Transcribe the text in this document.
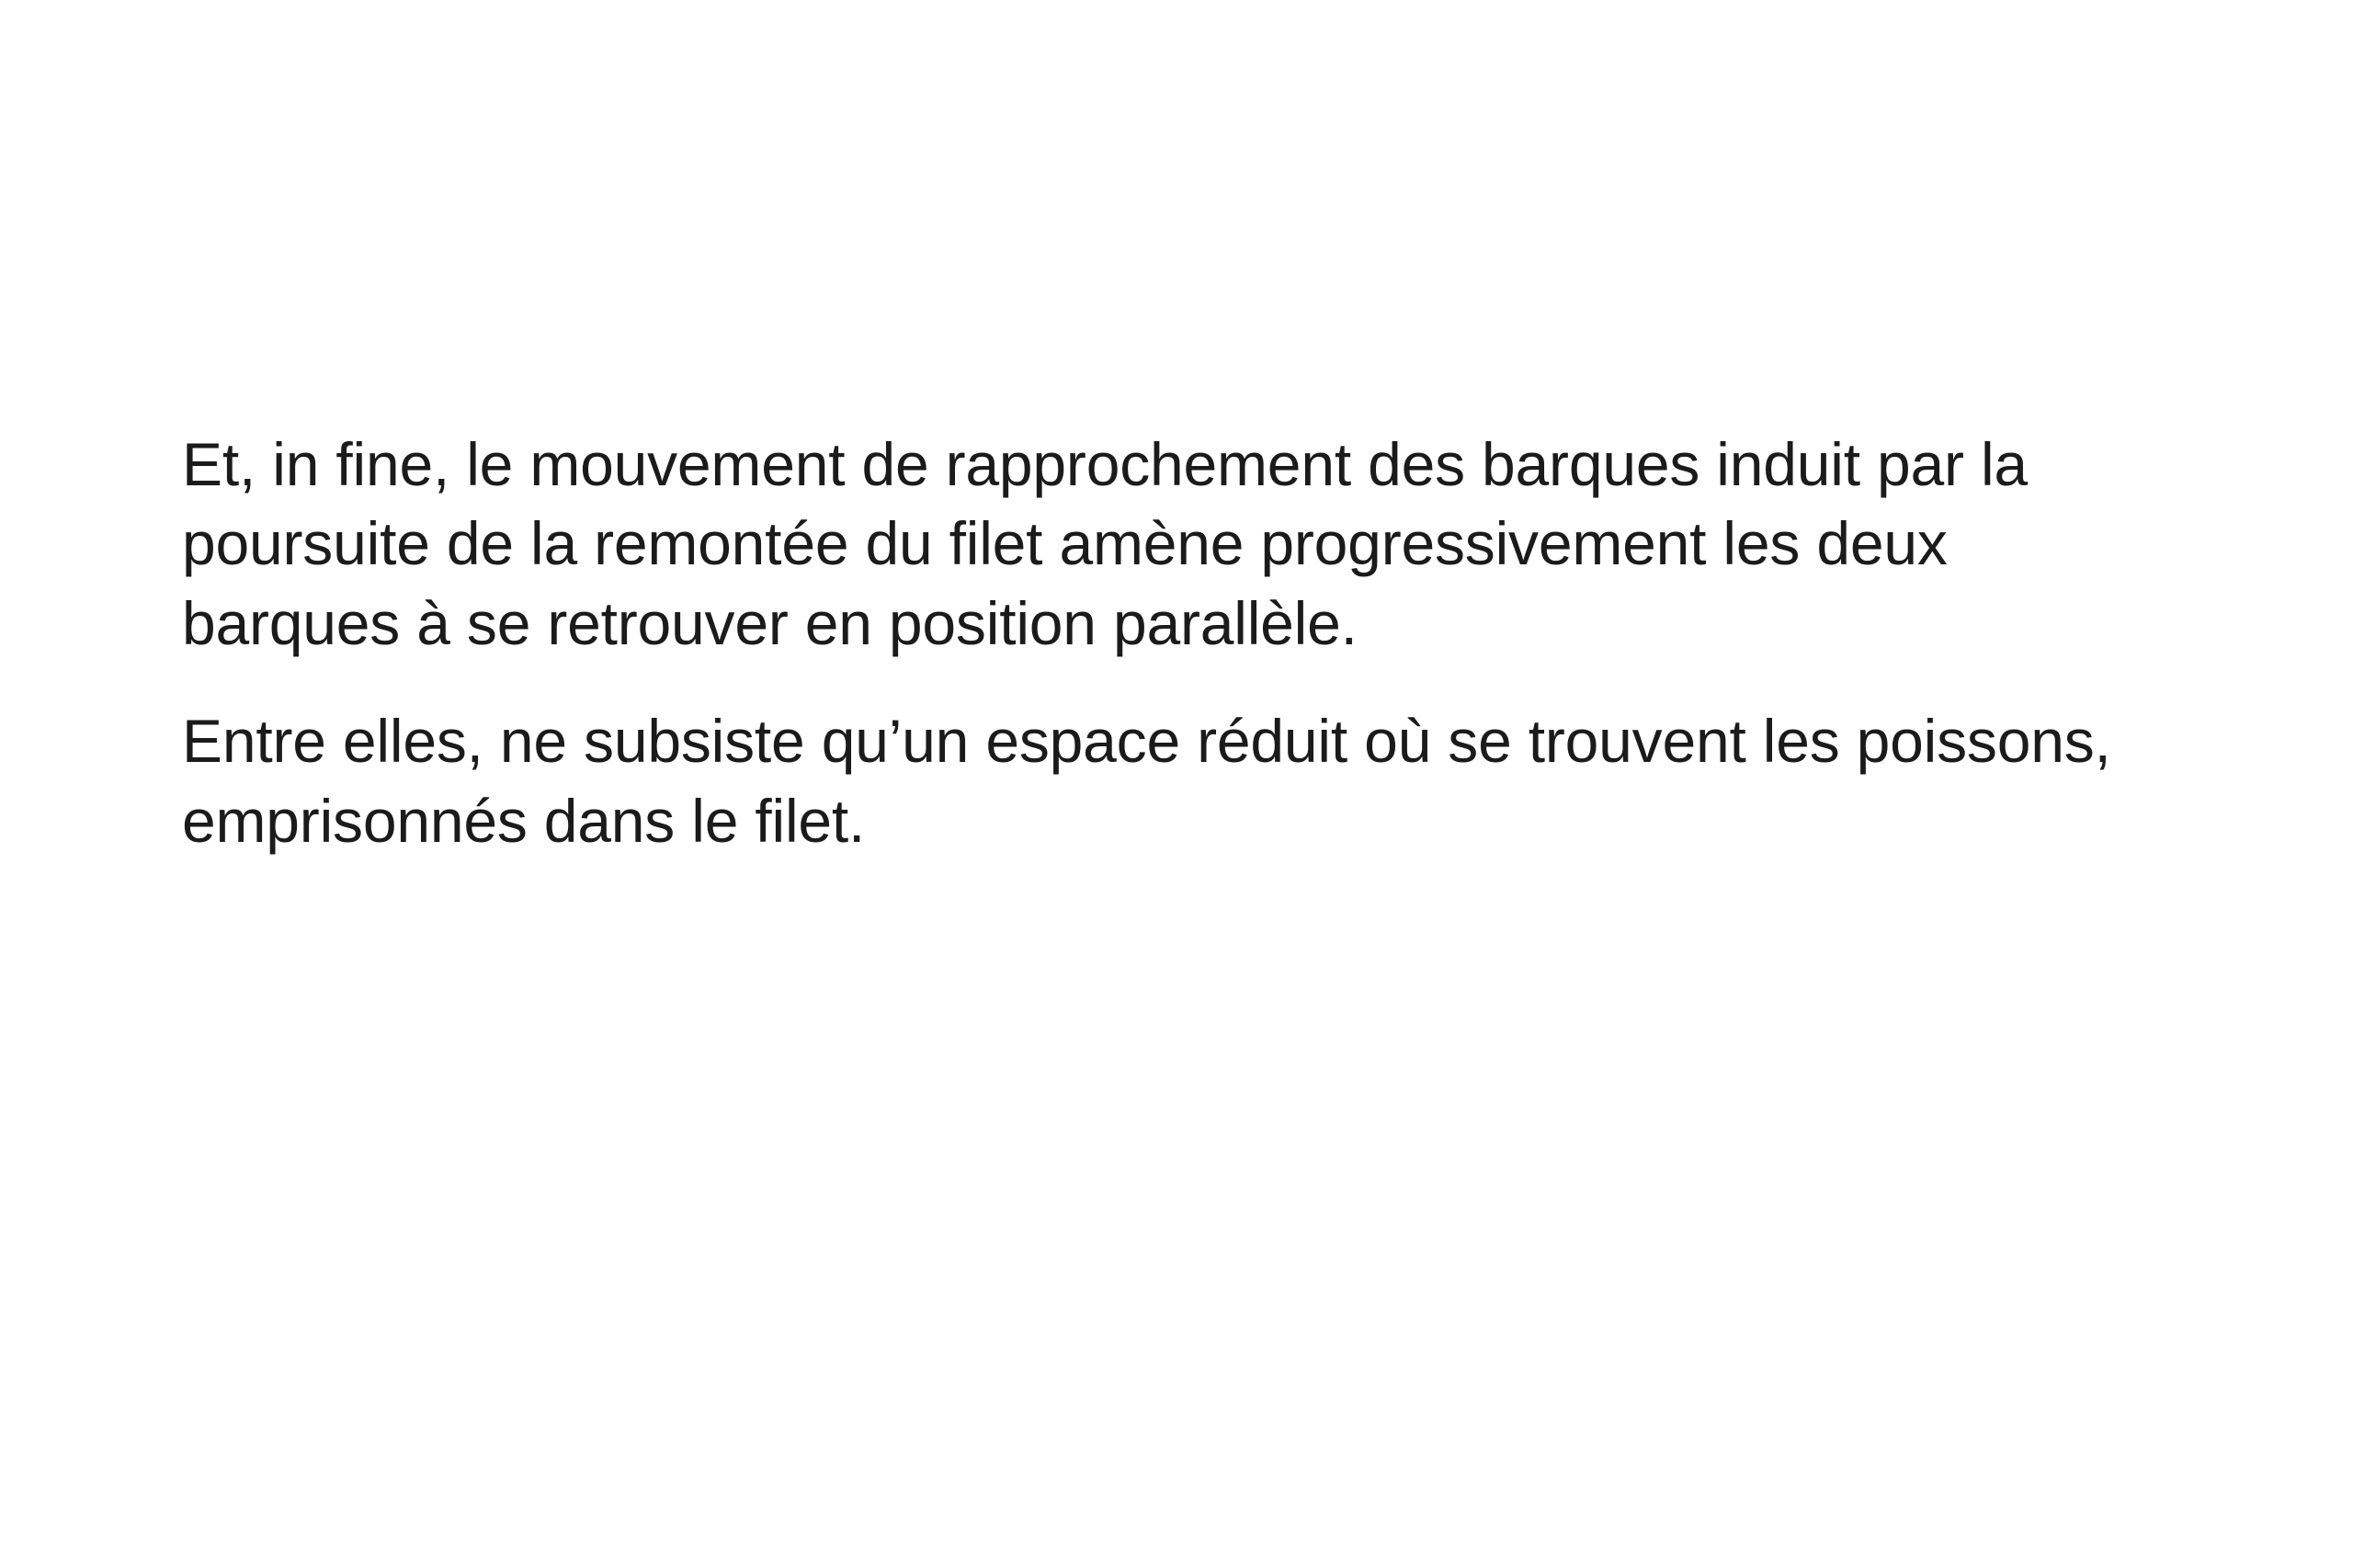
Et, in fine, le mouvement de rapprochement des barques induit par la poursuite de la remontée du filet amène progressivement les deux barques à se retrouver en position parallèle.

Entre elles, ne subsiste qu’un espace réduit où se trouvent les poissons, emprisonnés dans le filet.
